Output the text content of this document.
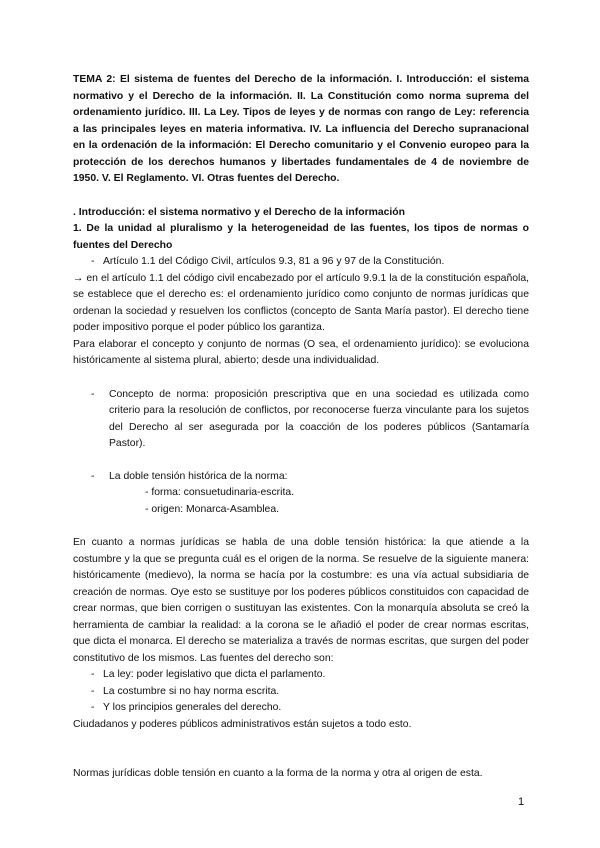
TEMA 2: El sistema de fuentes del Derecho de la información. I. Introducción: el sistema normativo y el Derecho de la información. II. La Constitución como norma suprema del ordenamiento jurídico. III. La Ley. Tipos de leyes y de normas con rango de Ley: referencia a las principales leyes en materia informativa. IV. La influencia del Derecho supranacional en la ordenación de la información: El Derecho comunitario y el Convenio europeo para la protección de los derechos humanos y libertades fundamentales de 4 de noviembre de 1950. V. El Reglamento. VI. Otras fuentes del Derecho.

. Introducción: el sistema normativo y el Derecho de la información

1. De la unidad al pluralismo y la heterogeneidad de las fuentes, los tipos de normas o fuentes del Derecho

- Artículo 1.1 del Código Civil, artículos 9.3, 81 a 96 y 97 de la Constitución.

→ en el artículo 1.1 del código civil encabezado por el artículo 9.9.1 la de la constitución española, se establece que el derecho es: el ordenamiento jurídico como conjunto de normas jurídicas que ordenan la sociedad y resuelven los conflictos (concepto de Santa María pastor). El derecho tiene poder impositivo porque el poder público los garantiza.

Para elaborar el concepto y conjunto de normas (O sea, el ordenamiento jurídico): se evoluciona históricamente al sistema plural, abierto; desde una individualidad.

- Concepto de norma: proposición prescriptiva que en una sociedad es utilizada como criterio para la resolución de conflictos, por reconocerse fuerza vinculante para los sujetos del Derecho al ser asegurada por la coacción de los poderes públicos (Santamaría Pastor).

- La doble tensión histórica de la norma:

- forma: consuetudinaria-escrita.

- origen: Monarca-Asamblea.

En cuanto a normas jurídicas se habla de una doble tensión histórica: la que atiende a la costumbre y la que se pregunta cuál es el origen de la norma. Se resuelve de la siguiente manera: históricamente (medievo), la norma se hacía por la costumbre: es una vía actual subsidiaria de creación de normas. Oye esto se sustituye por los poderes públicos constituidos con capacidad de crear normas, que bien corrigen o sustituyan las existentes. Con la monarquía absoluta se creó la herramienta de cambiar la realidad: a la corona se le añadió el poder de crear normas escritas, que dicta el monarca. El derecho se materializa a través de normas escritas, que surgen del poder constitutivo de los mismos. Las fuentes del derecho son:

- La ley: poder legislativo que dicta el parlamento.

- La costumbre si no hay norma escrita.

- Y los principios generales del derecho.

Ciudadanos y poderes públicos administrativos están sujetos a todo esto.

Normas jurídicas doble tensión en cuanto a la forma de la norma y otra al origen de esta.

1
